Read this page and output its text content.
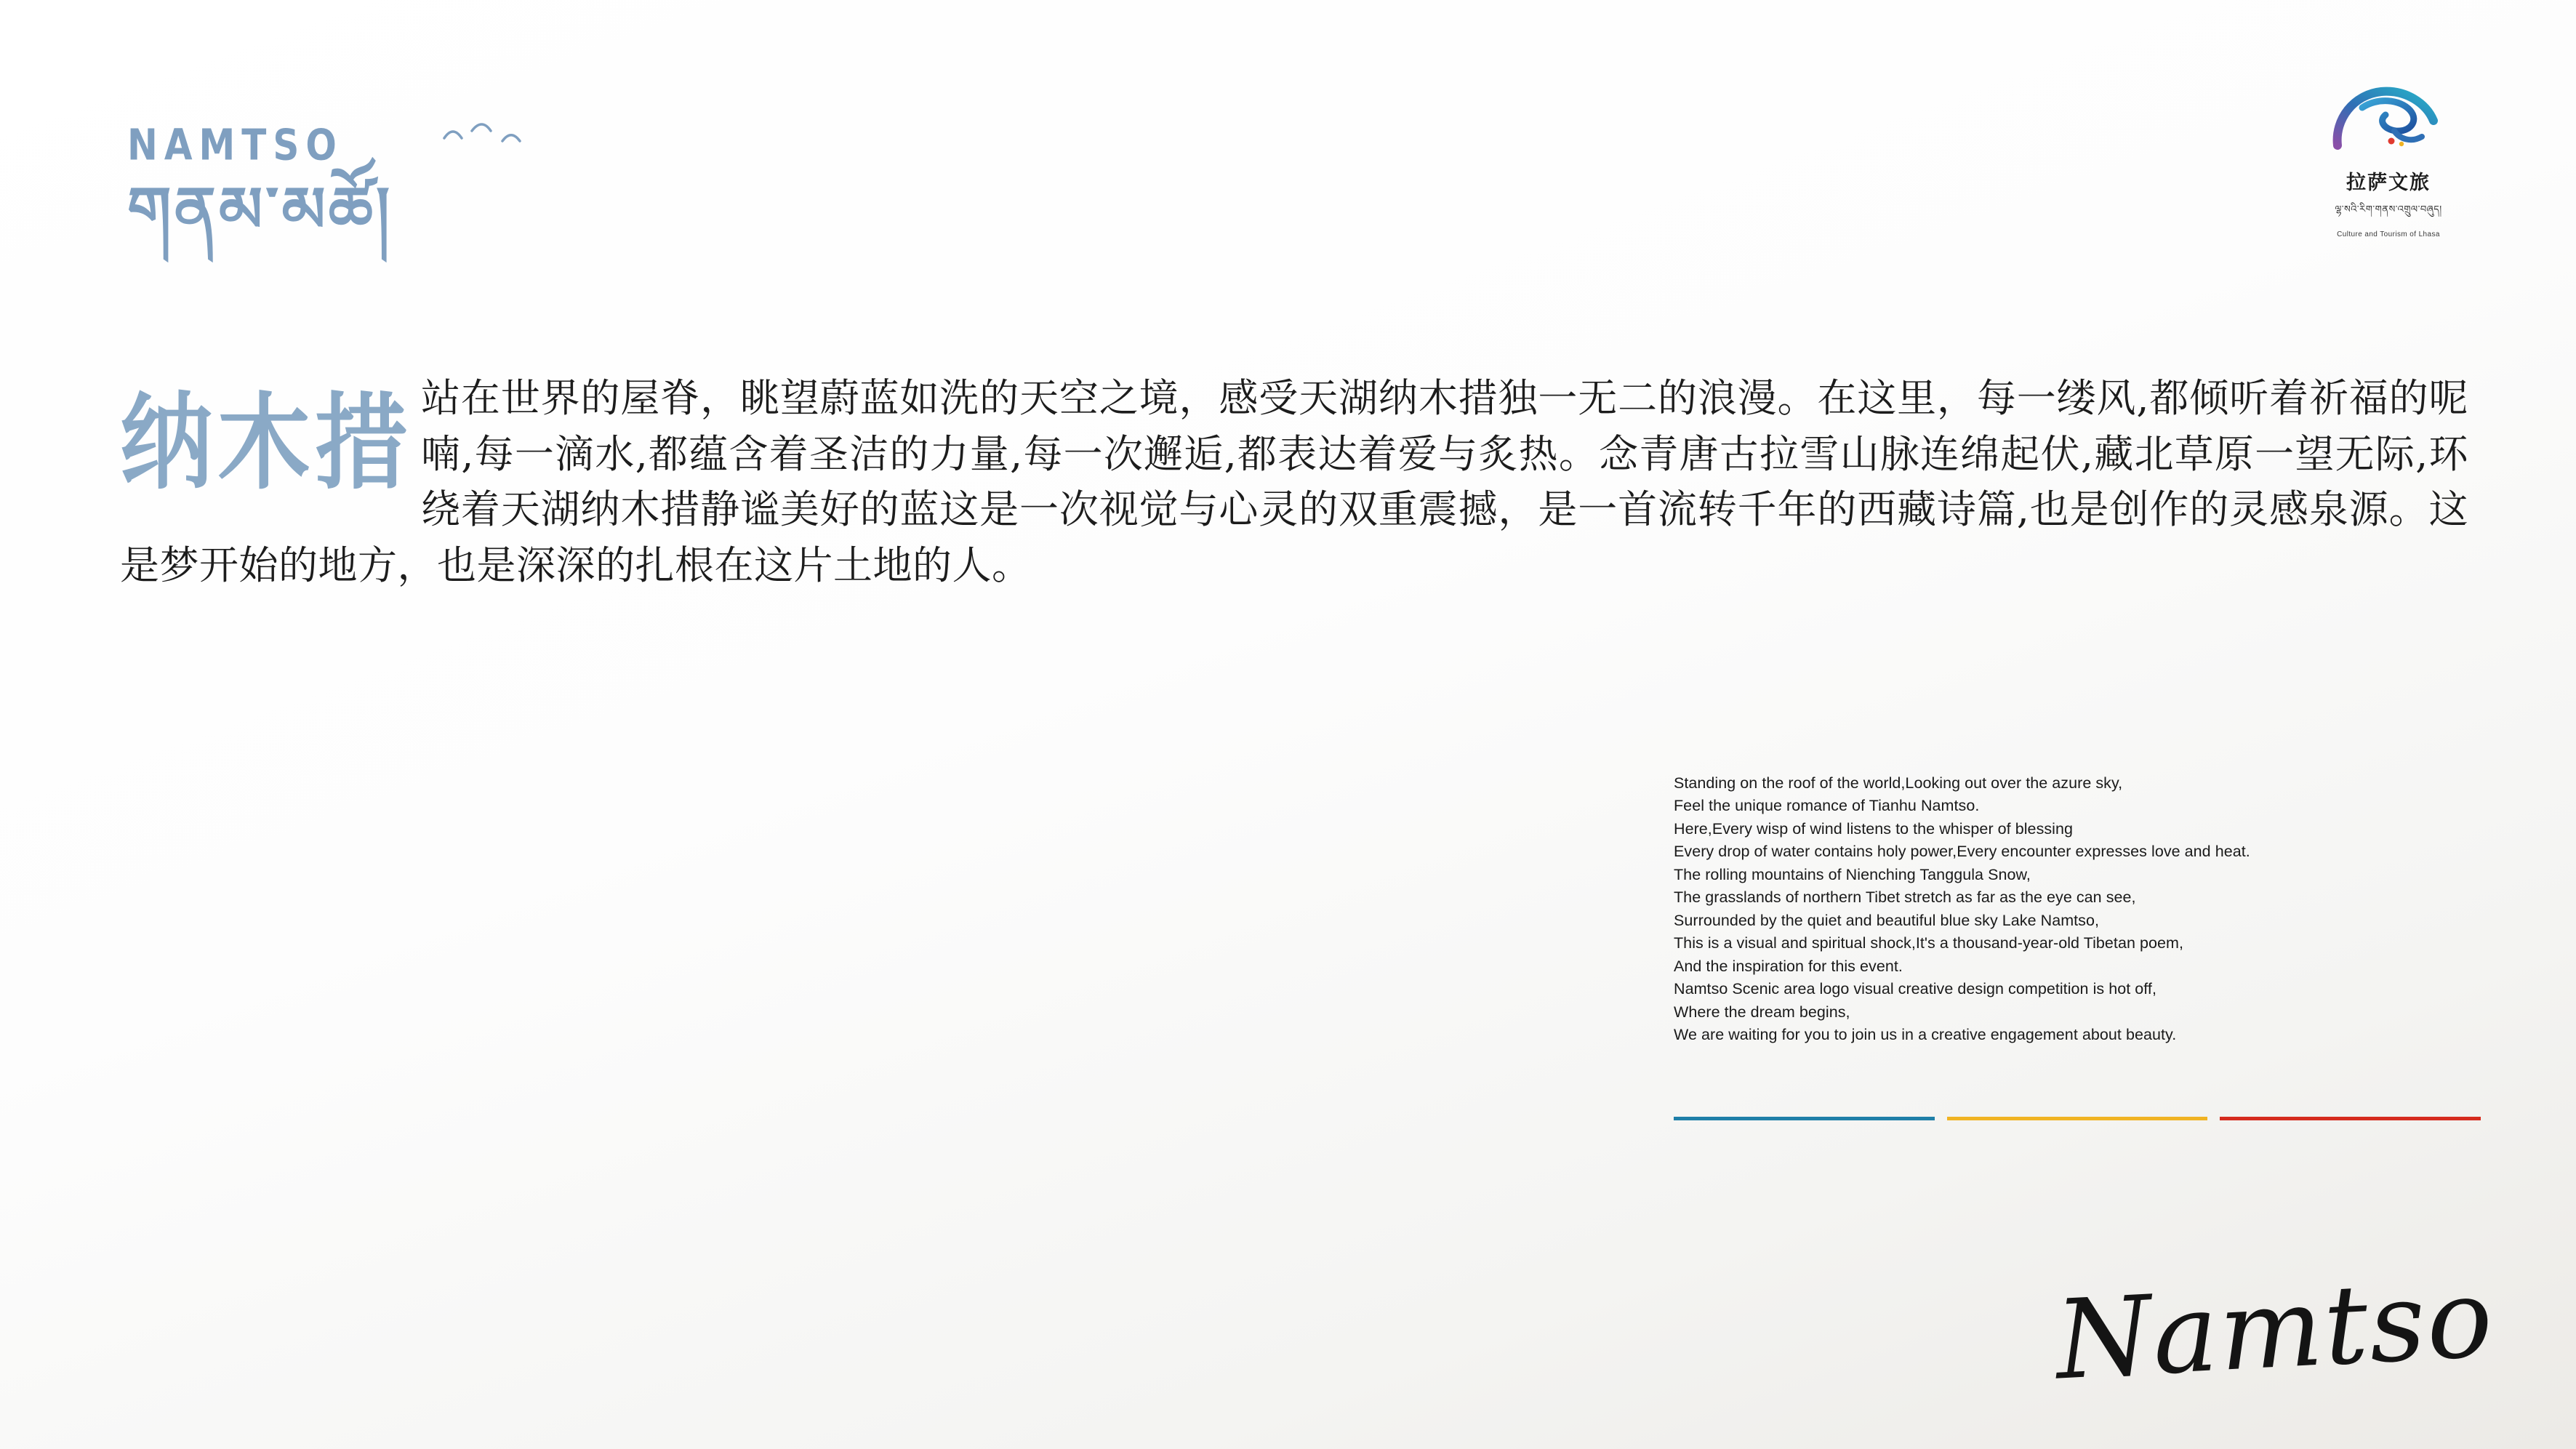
NAMTSO
གནམ་མཚོ།	拉萨文旅
ལྷ་སའི་རིག་གནས་འགྲུལ་བཞུད།
Culture and Tourism of Lhasa
纳木措 站在世界的屋脊，眺望蔚蓝如洗的天空之境，感受天湖纳木措独一无二的浪漫。在这里，每一缕风,都倾听着祈福的呢喃,每一滴水,都蕴含着圣洁的力量,每一次邂逅,都表达着爱与炙热。念青唐古拉雪山脉连绵起伏,藏北草原一望无际,环绕着天湖纳木措静谧美好的蓝这是一次视觉与心灵的双重震撼，是一首流转千年的西藏诗篇,也是创作的灵感泉源。这是梦开始的地方，也是深深的扎根在这片土地的人。

Standing on the roof of the world,Looking out over the azure sky,

Feel the unique romance of Tianhu Namtso.

Here,Every wisp of wind listens to the whisper of blessing

Every drop of water contains holy power,Every encounter expresses love and heat.

The rolling mountains of Nienching Tanggula Snow,

The grasslands of northern Tibet stretch as far as the eye can see,

Surrounded by the quiet and beautiful blue sky Lake Namtso,

This is a visual and spiritual shock,It's a thousand-year-old Tibetan poem,

And the inspiration for this event.

Namtso Scenic area logo visual creative design competition is hot off,

Where the dream begins,

We are waiting for you to join us in a creative engagement about beauty.

Namtso
